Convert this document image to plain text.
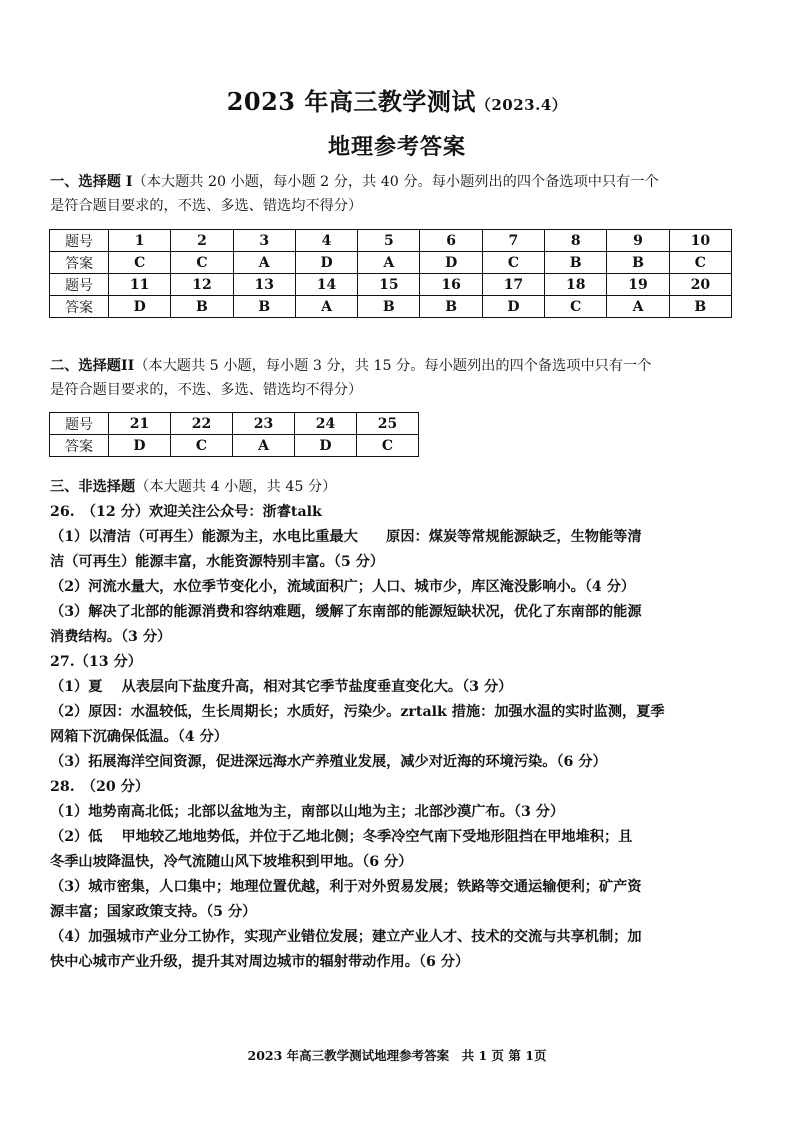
2023 年高三教学测试（2023.4）
地理参考答案
一、选择题 I（本大题共 20 小题，每小题 2 分，共 40 分。每小题列出的四个备选项中只有一个
是符合题目要求的，不选、多选、错选均不得分）
题号	1	2	3	4	5	6	7	8	9	10
答案	C	C	A	D	A	D	C	B	B	C
题号	11	12	13	14	15	16	17	18	19	20
答案	D	B	B	A	B	B	D	C	A	B
二、选择题II（本大题共 5 小题，每小题 3 分，共 15 分。每小题列出的四个备选项中只有一个
是符合题目要求的，不选、多选、错选均不得分）
题号	21	22	23	24	25
答案	D	C	A	D	C
三、非选择题（本大题共 4 小题，共 45 分）
26.　（12 分）欢迎关注公众号：浙睿talk
（1）以清洁（可再生）能源为主，水电比重最大　　原因：煤炭等常规能源缺乏，生物能等清
洁（可再生）能源丰富，水能资源特别丰富。（5 分）
（2）河流水量大，水位季节变化小，流域面积广；人口、城市少，库区淹没影响小。（4 分）
（3）解决了北部的能源消费和容纳难题，缓解了东南部的能源短缺状况，优化了东南部的能源
消费结构。（3 分）
27.（13 分）
（1）夏　 从表层向下盐度升高，相对其它季节盐度垂直变化大。（3 分）
（2）原因：水温较低，生长周期长；水质好，污染少。zrtalk 措施：加强水温的实时监测，夏季
网箱下沉确保低温。（4 分）
（3）拓展海洋空间资源，促进深远海水产养殖业发展，减少对近海的环境污染。（6 分）
28.　（20 分）
（1）地势南高北低；北部以盆地为主，南部以山地为主；北部沙漠广布。（3 分）
（2）低　 甲地较乙地地势低，并位于乙地北侧；冬季冷空气南下受地形阻挡在甲地堆积；且
冬季山坡降温快，冷气流随山风下坡堆积到甲地。（6 分）
（3）城市密集，人口集中；地理位置优越，利于对外贸易发展；铁路等交通运输便利；矿产资
源丰富；国家政策支持。（5 分）
（4）加强城市产业分工协作，实现产业错位发展；建立产业人才、技术的交流与共享机制；加
快中心城市产业升级，提升其对周边城市的辐射带动作用。（6 分）
2023 年高三教学测试地理参考答案　共 1 页 第 1页
